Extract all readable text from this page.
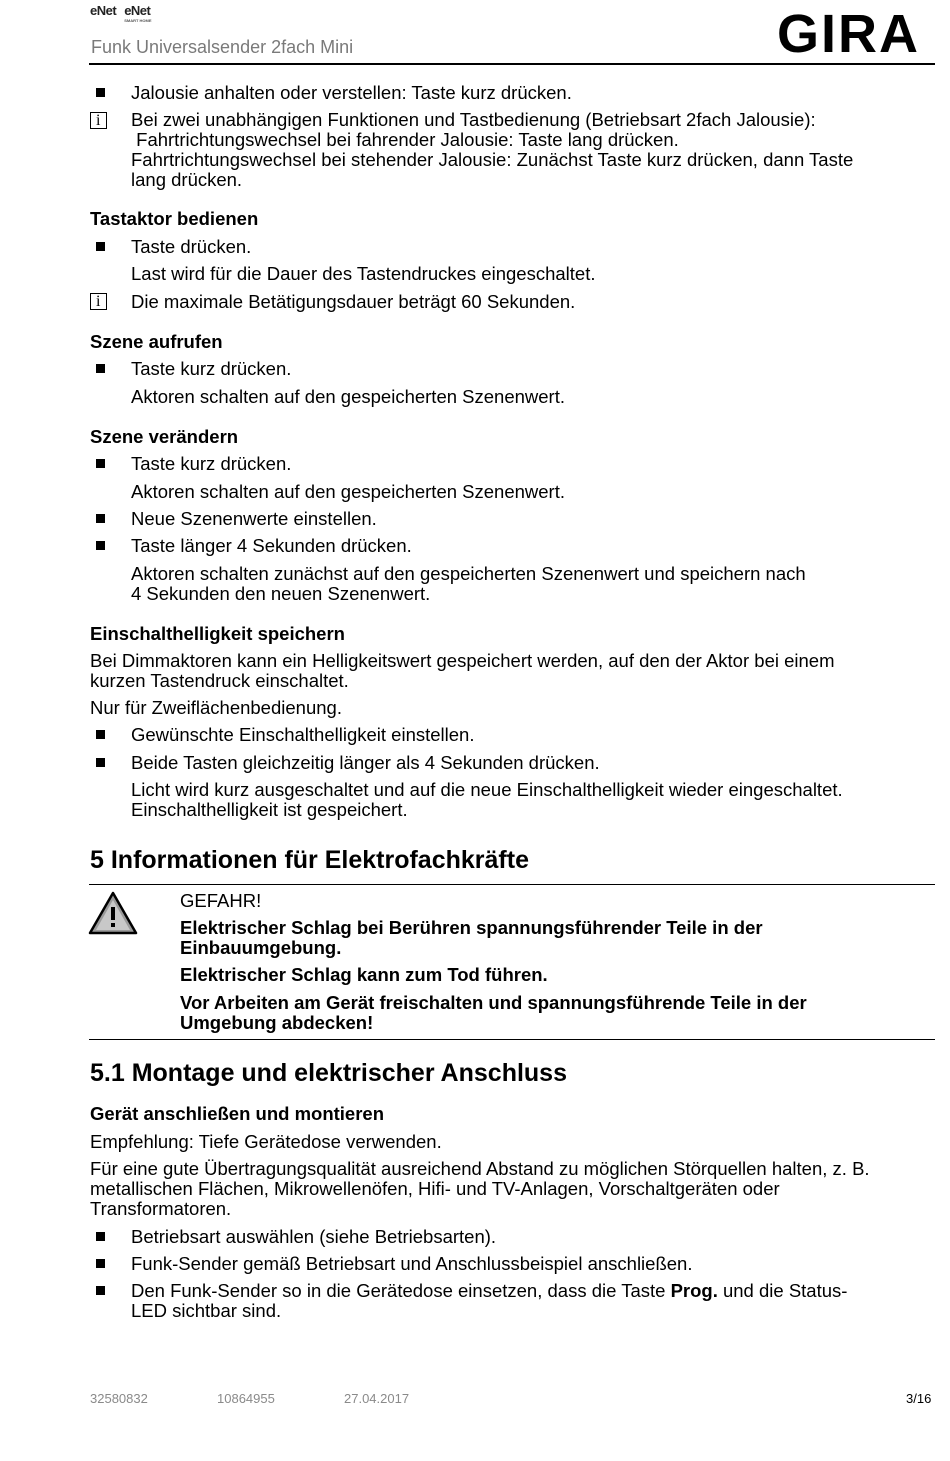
eNet eNet
SMART HOME
Funk Universalsender 2fach Mini	GIRA
Jalousie anhalten oder verstellen: Taste kurz drücken.
i
Bei zwei unabhängigen Funktionen und Tastbedienung (Betriebsart 2fach Jalousie):
Fahrtrichtungswechsel bei fahrender Jalousie: Taste lang drücken.
Fahrtrichtungswechsel bei stehender Jalousie: Zunächst Taste kurz drücken, dann Taste
lang drücken.
Tastaktor bedienen
Taste drücken.
Last wird für die Dauer des Tastendruckes eingeschaltet.
i
Die maximale Betätigungsdauer beträgt 60 Sekunden.
Szene aufrufen
Taste kurz drücken.
Aktoren schalten auf den gespeicherten Szenenwert.
Szene verändern
Taste kurz drücken.
Aktoren schalten auf den gespeicherten Szenenwert.
Neue Szenenwerte einstellen.
Taste länger 4 Sekunden drücken.
Aktoren schalten zunächst auf den gespeicherten Szenenwert und speichern nach
4 Sekunden den neuen Szenenwert.
Einschalthelligkeit speichern
Bei Dimmaktoren kann ein Helligkeitswert gespeichert werden, auf den der Aktor bei einem
kurzen Tastendruck einschaltet.
Nur für Zweiflächenbedienung.
Gewünschte Einschalthelligkeit einstellen.
Beide Tasten gleichzeitig länger als 4 Sekunden drücken.
Licht wird kurz ausgeschaltet und auf die neue Einschalthelligkeit wieder eingeschaltet.
Einschalthelligkeit ist gespeichert.
5 Informationen für Elektrofachkräfte
GEFAHR!
Elektrischer Schlag bei Berühren spannungsführender Teile in der
Einbauumgebung.
Elektrischer Schlag kann zum Tod führen.
Vor Arbeiten am Gerät freischalten und spannungsführende Teile in der
Umgebung abdecken!
5.1 Montage und elektrischer Anschluss
Gerät anschließen und montieren
Empfehlung: Tiefe Gerätedose verwenden.
Für eine gute Übertragungsqualität ausreichend Abstand zu möglichen Störquellen halten, z. B.
metallischen Flächen, Mikrowellenöfen, Hifi- und TV-Anlagen, Vorschaltgeräten oder
Transformatoren.
Betriebsart auswählen (siehe Betriebsarten).
Funk-Sender gemäß Betriebsart und Anschlussbeispiel anschließen.
Den Funk-Sender so in die Gerätedose einsetzen, dass die Taste Prog. und die Status-
LED sichtbar sind.
32580832	10864955	27.04.2017	3/16
